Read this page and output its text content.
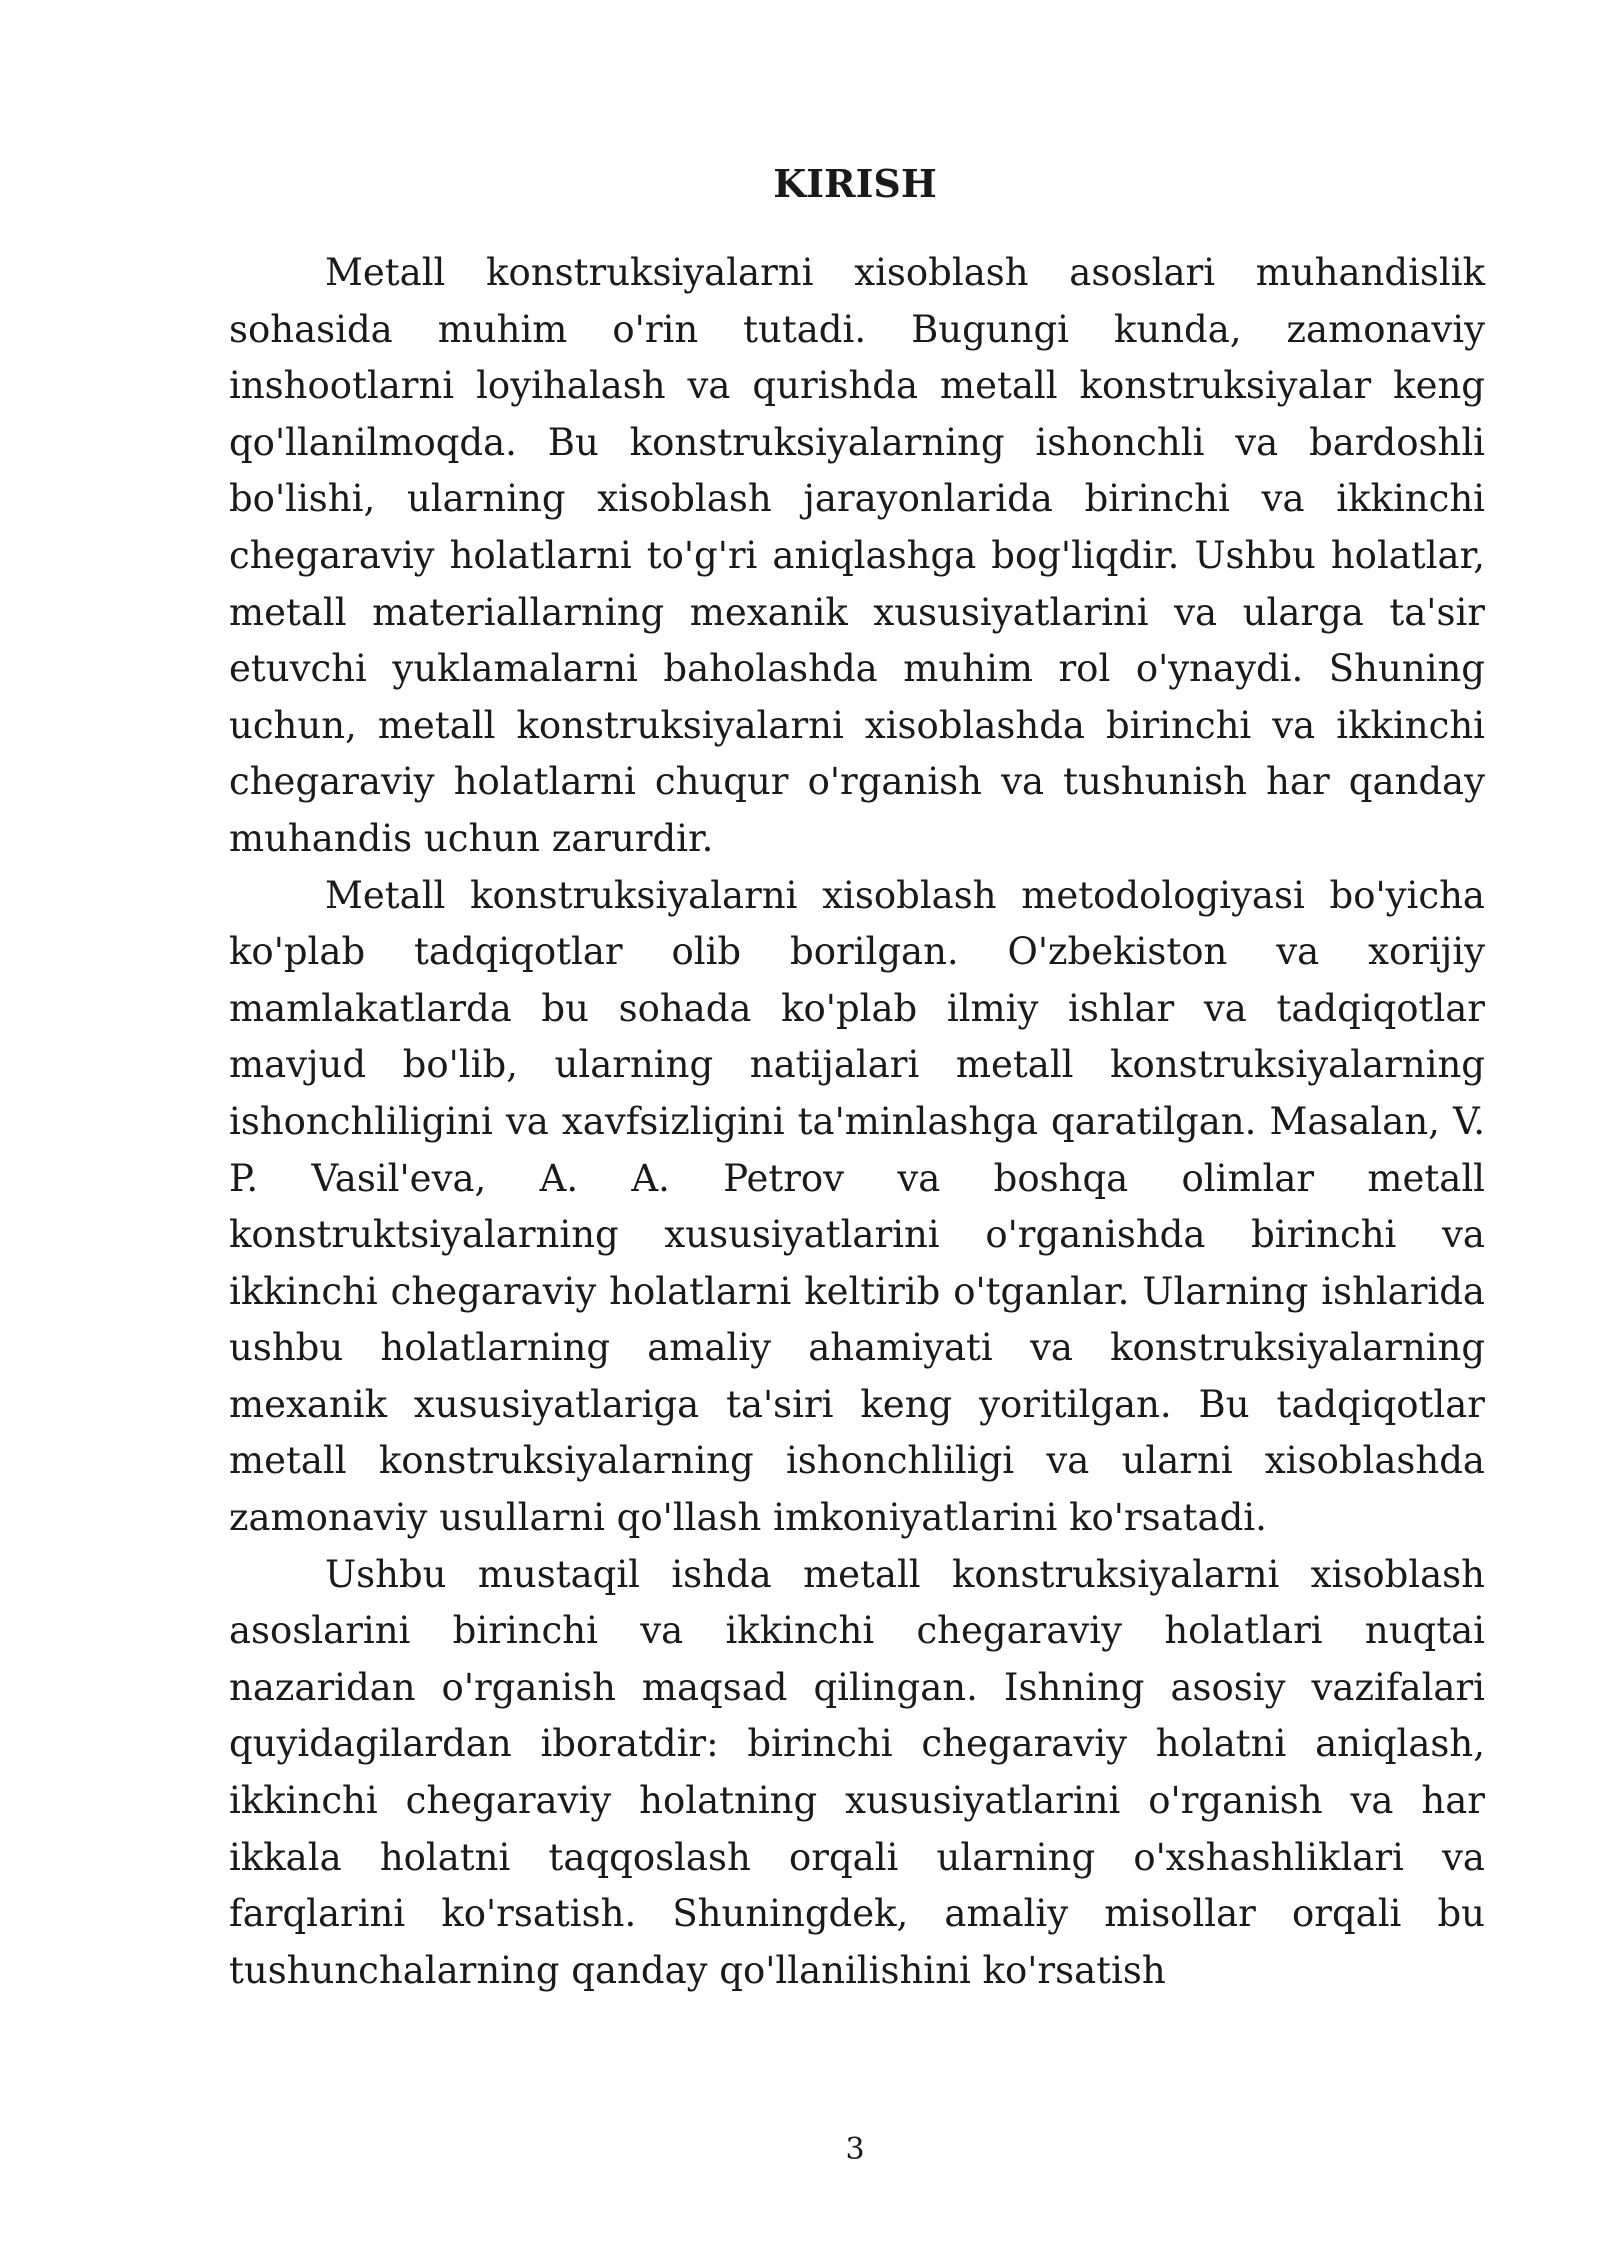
KIRISH

Metall konstruksiyalarni xisoblash asoslari muhandislik sohasida muhim o'rin tutadi. Bugungi kunda, zamonaviy inshootlarni loyihalash va qurishda metall konstruksiyalar keng qo'llanilmoqda. Bu konstruksiyalarning ishonchli va bardoshli bo'lishi, ularning xisoblash jarayonlarida birinchi va ikkinchi chegaraviy holatlarni to'g'ri aniqlashga bog'liqdir. Ushbu holatlar, metall materiallarning mexanik xususiyatlarini va ularga ta'sir etuvchi yuklamalarni baholashda muhim rol o'ynaydi. Shuning uchun, metall konstruksiyalarni xisoblashda birinchi va ikkinchi chegaraviy holatlarni chuqur o'rganish va tushunish har qanday muhandis uchun zarurdir.

Metall konstruksiyalarni xisoblash metodologiyasi bo'yicha ko'plab tadqiqotlar olib borilgan. O'zbekiston va xorijiy mamlakatlarda bu sohada ko'plab ilmiy ishlar va tadqiqotlar mavjud bo'lib, ularning natijalari metall konstruksiyalarning ishonchliligini va xavfsizligini ta'minlashga qaratilgan. Masalan, V. P. Vasil'eva, A. A. Petrov va boshqa olimlar metall konstruktsiyalarning xususiyatlarini o'rganishda birinchi va ikkinchi chegaraviy holatlarni keltirib o'tganlar. Ularning ishlarida ushbu holatlarning amaliy ahamiyati va konstruksiyalarning mexanik xususiyatlariga ta'siri keng yoritilgan. Bu tadqiqotlar metall konstruksiyalarning ishonchliligi va ularni xisoblashda zamonaviy usullarni qo'llash imkoniyatlarini ko'rsatadi.

Ushbu mustaqil ishda metall konstruksiyalarni xisoblash asoslarini birinchi va ikkinchi chegaraviy holatlari nuqtai nazaridan o'rganish maqsad qilingan. Ishning asosiy vazifalari quyidagilardan iboratdir: birinchi chegaraviy holatni aniqlash, ikkinchi chegaraviy holatning xususiyatlarini o'rganish va har ikkala holatni taqqoslash orqali ularning o'xshashliklari va farqlarini ko'rsatish. Shuningdek, amaliy misollar orqali bu tushunchalarning qanday qo'llanilishini ko'rsatish

3
